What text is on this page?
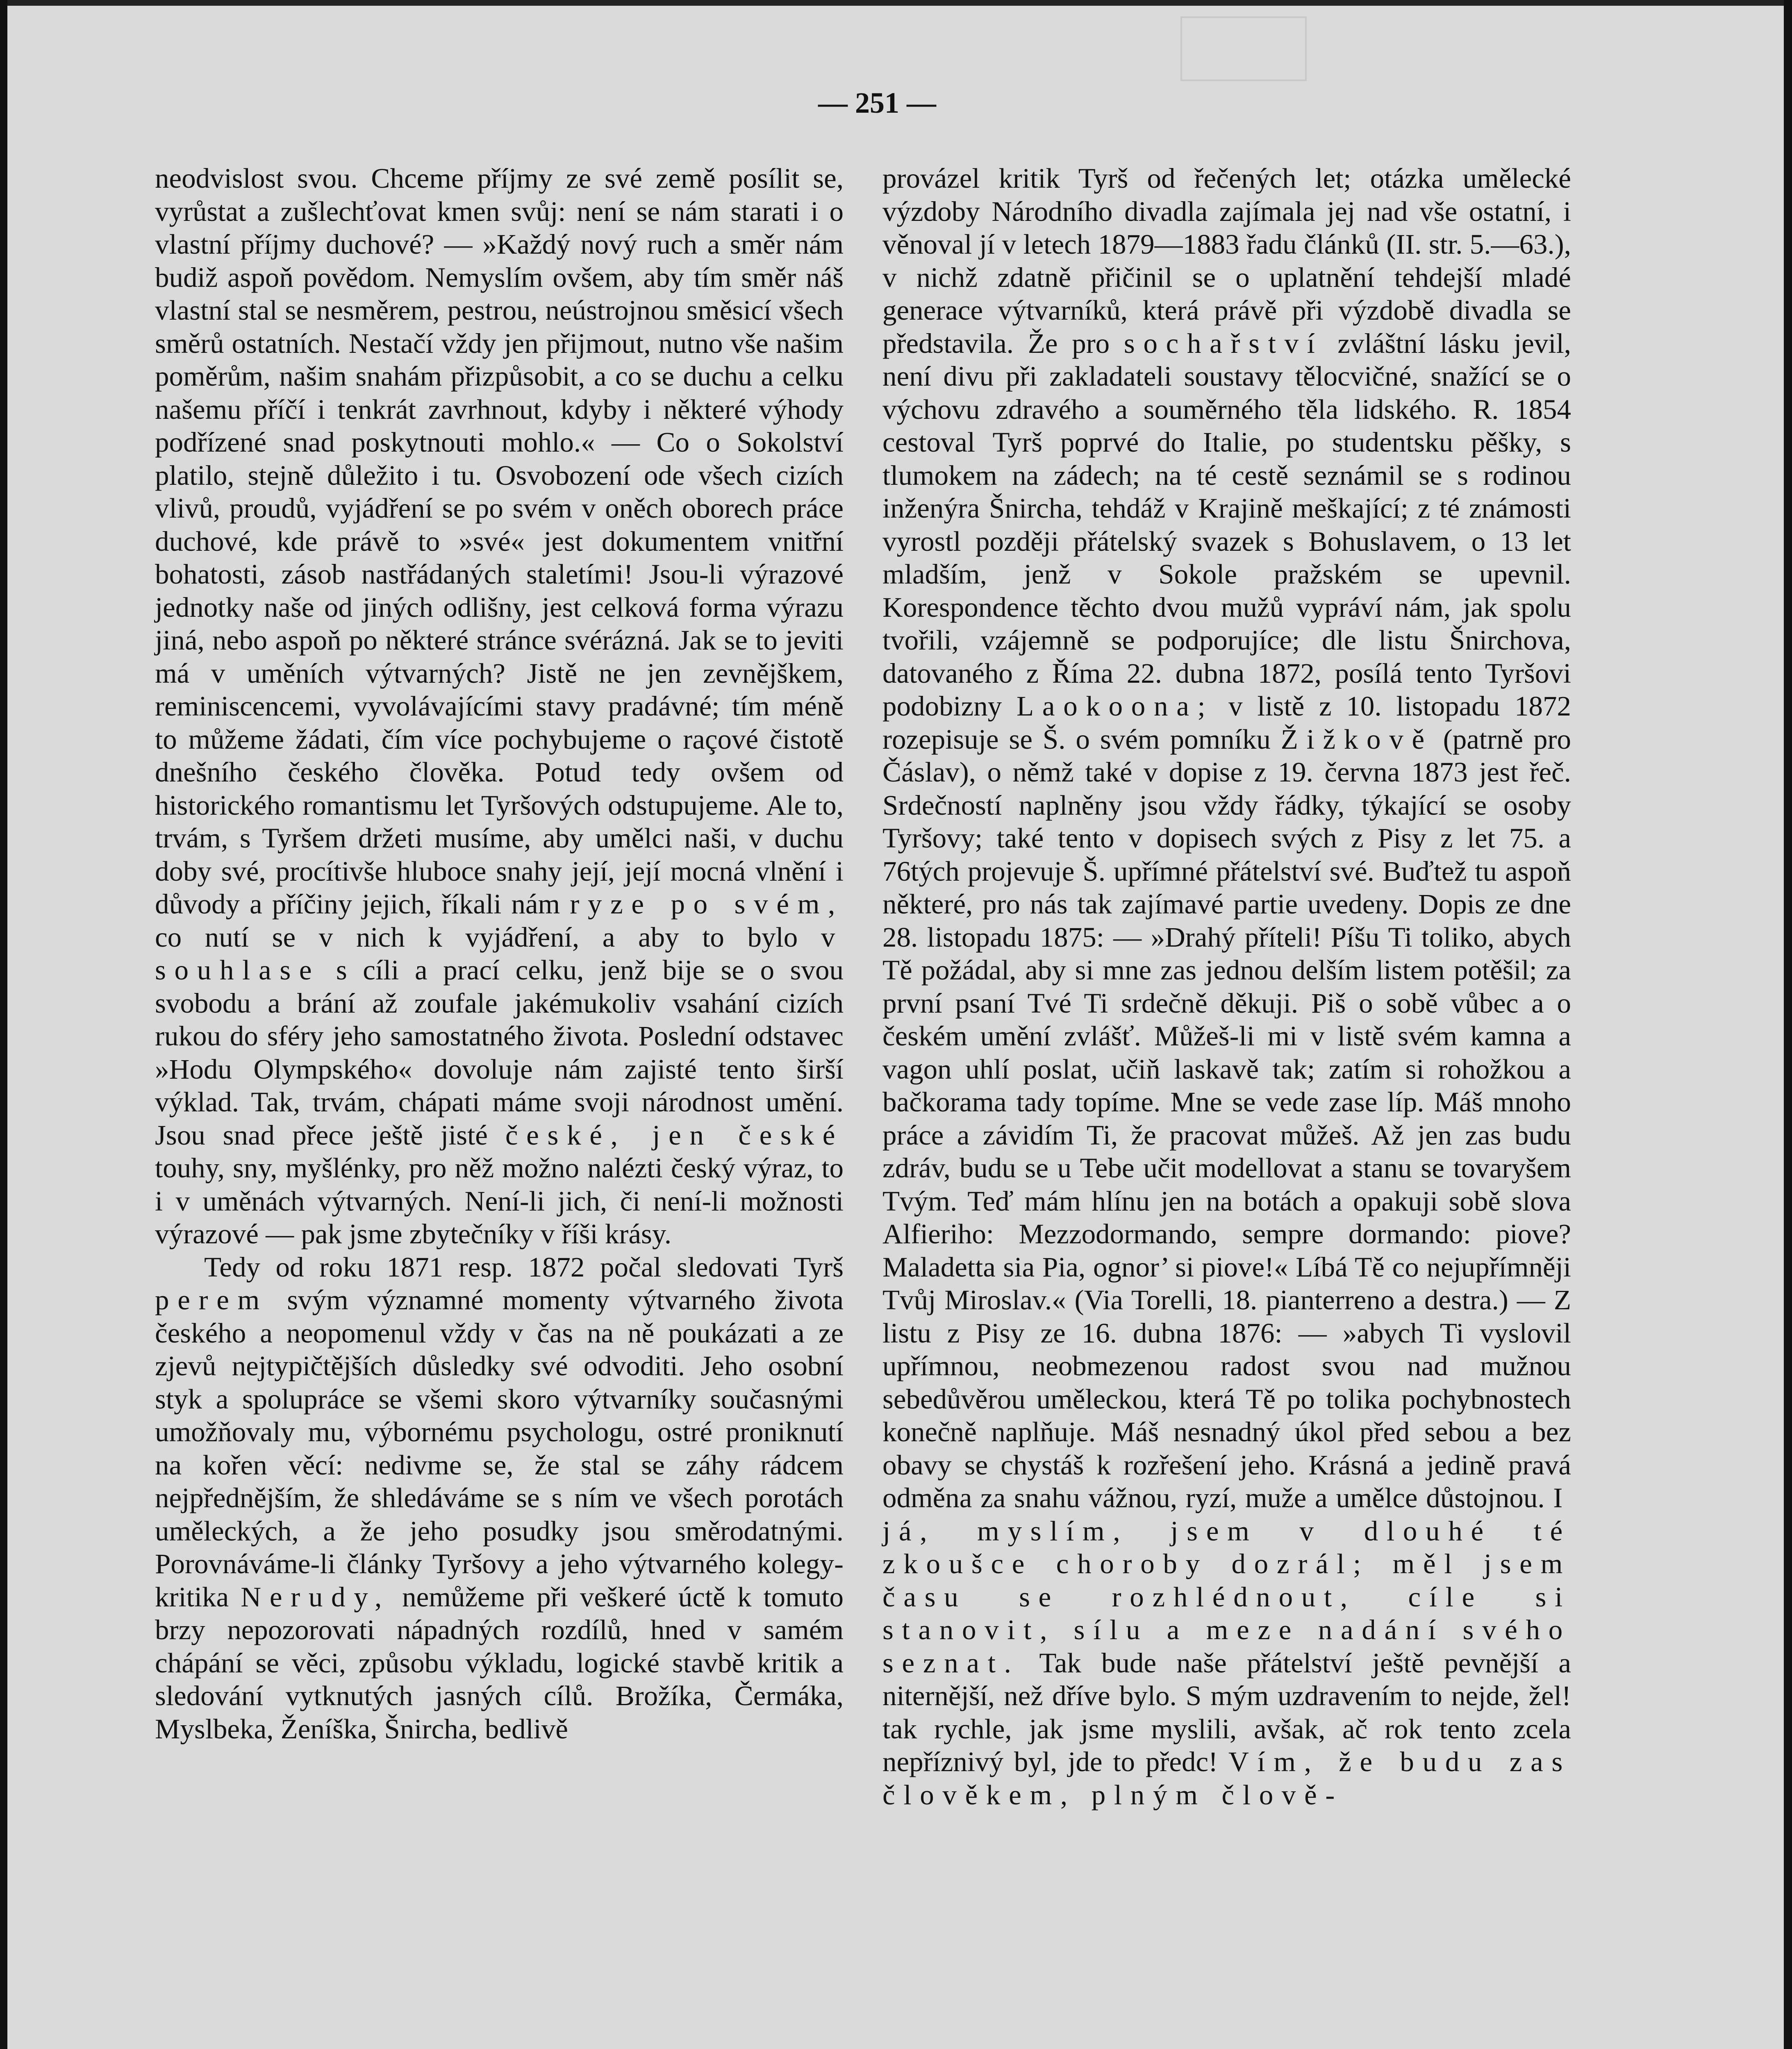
— 251 —

neodvislost svou. Chceme příjmy ze své země posílit se, vyrůstat a zušlechťovat kmen svůj: není se nám starati i o vlastní příjmy duchové? — »Každý nový ruch a směr nám budiž aspoň povědom. Nemyslím ovšem, aby tím směr náš vlastní stal se nesměrem, pestrou, neústrojnou směsicí všech směrů ostatních. Nestačí vždy jen přijmout, nutno vše našim poměrům, našim snahám přizpůsobit, a co se duchu a celku našemu příčí i tenkrát zavrhnout, kdyby i některé výhody podřízené snad poskytnouti mohlo.« — Co o Sokolství platilo, stejně důležito i tu. Osvobození ode všech cizích vlivů, proudů, vyjádření se po svém v oněch oborech práce duchové, kde právě to »své« jest dokumentem vnitřní bohatosti, zásob nastřádaných staletími! Jsou-li výrazové jednotky naše od jiných odlišny, jest celková forma výrazu jiná, nebo aspoň po některé stránce svérázná. Jak se to jeviti má v uměních výtvarných? Jistě ne jen zevnějškem, reminiscencemi, vyvolávajícími stavy pradávné; tím méně to můžeme žádati, čím více pochybujeme o raçové čistotě dnešního českého člověka. Potud tedy ovšem od historického romantismu let Tyršových odstupujeme. Ale to, trvám, s Tyršem držeti musíme, aby umělci naši, v duchu doby své, procítivše hluboce snahy její, její mocná vlnění i důvody a příčiny jejich, říkali nám ryze po svém, co nutí se v nich k vyjádření, a aby to bylo v souhlase s cíli a prací celku, jenž bije se o svou svobodu a brání až zoufale jakémukoliv vsahání cizích rukou do sféry jeho samostatného života. Poslední odstavec »Hodu Olympského« dovoluje nám zajisté tento širší výklad. Tak, trvám, chápati máme svoji národnost umění. Jsou snad přece ještě jisté české, jen české touhy, sny, myšlénky, pro něž možno nalézti český výraz, to i v uměnách výtvarných. Není-li jich, či není-li možnosti výrazové — pak jsme zbytečníky v říši krásy.

Tedy od roku 1871 resp. 1872 počal sledovati Tyrš perem svým významné momenty výtvarného života českého a neopomenul vždy v čas na ně poukázati a ze zjevů nejtypičtějších důsledky své odvoditi. Jeho osobní styk a spolupráce se všemi skoro výtvarníky současnými umožňovaly mu, výbornému psychologu, ostré proniknutí na kořen věcí: nedivme se, že stal se záhy rádcem nejpřednějším, že shledáváme se s ním ve všech porotách uměleckých, a že jeho posudky jsou směrodatnými. Porovnáváme-li články Tyršovy a jeho výtvarného kolegy-kritika Nerudy, nemůžeme při veškeré úctě k tomuto brzy nepozorovati nápadných rozdílů, hned v samém chápání se věci, způsobu výkladu, logické stavbě kritik a sledování vytknutých jasných cílů. Brožíka, Čermáka, Myslbeka, Ženíška, Šnircha, bedlivě

provázel kritik Tyrš od řečených let; otázka umělecké výzdoby Národního divadla zajímala jej nad vše ostatní, i věnoval jí v letech 1879—1883 řadu článků (II. str. 5.—63.), v nichž zdatně přičinil se o uplatnění tehdejší mladé generace výtvarníků, která právě při výzdobě divadla se představila. Že pro sochařství zvláštní lásku jevil, není divu při zakladateli soustavy tělocvičné, snažící se o výchovu zdravého a souměrného těla lidského. R. 1854 cestoval Tyrš poprvé do Italie, po studentsku pěšky, s tlumokem na zádech; na té cestě seznámil se s rodinou inženýra Šnircha, tehdáž v Krajině meškající; z té známosti vyrostl později přátelský svazek s Bohuslavem, o 13 let mladším, jenž v Sokole pražském se upevnil. Korespondence těchto dvou mužů vypráví nám, jak spolu tvořili, vzájemně se podporujíce; dle listu Šnirchova, datovaného z Říma 22. dubna 1872, posílá tento Tyršovi podobizny Laokoona; v listě z 10. listopadu 1872 rozepisuje se Š. o svém pomníku Žižkově (patrně pro Čáslav), o němž také v dopise z 19. června 1873 jest řeč. Srdečností naplněny jsou vždy řádky, týkající se osoby Tyršovy; také tento v dopisech svých z Pisy z let 75. a 76tých projevuje Š. upřímné přátelství své. Buďtež tu aspoň některé, pro nás tak zajímavé partie uvedeny. Dopis ze dne 28. listopadu 1875: — »Drahý příteli! Píšu Ti toliko, abych Tě požádal, aby si mne zas jednou delším listem potěšil; za první psaní Tvé Ti srdečně děkuji. Piš o sobě vůbec a o českém umění zvlášť. Můžeš-li mi v listě svém kamna a vagon uhlí poslat, učiň laskavě tak; zatím si rohožkou a bačkorama tady topíme. Mne se vede zase líp. Máš mnoho práce a závidím Ti, že pracovat můžeš. Až jen zas budu zdráv, budu se u Tebe učit modellovat a stanu se tovaryšem Tvým. Teď mám hlínu jen na botách a opakuji sobě slova Alfieriho: Mezzodormando, sempre dormando: piove? Maladetta sia Pia, ognor’ si piove!« Líbá Tě co nejupřímněji Tvůj Miroslav.« (Via Torelli, 18. pianterreno a destra.) — Z listu z Pisy ze 16. dubna 1876: — »abych Ti vyslovil upřímnou, neobmezenou radost svou nad mužnou sebedůvěrou uměleckou, která Tě po tolika pochybnostech konečně naplňuje. Máš nesnadný úkol před sebou a bez obavy se chystáš k rozřešení jeho. Krásná a jedině pravá odměna za snahu vážnou, ryzí, muže a umělce důstojnou. I já, myslím, jsem v dlouhé té zkoušce choroby dozrál; měl jsem času se rozhlédnout, cíle si stanovit, sílu a meze nadání svého seznat. Tak bude naše přátelství ještě pevnější a niternější, než dříve bylo. S mým uzdravením to nejde, žel! tak rychle, jak jsme myslili, avšak, ač rok tento zcela nepříznivý byl, jde to předc! Vím, že budu zas člověkem, plným člově-
